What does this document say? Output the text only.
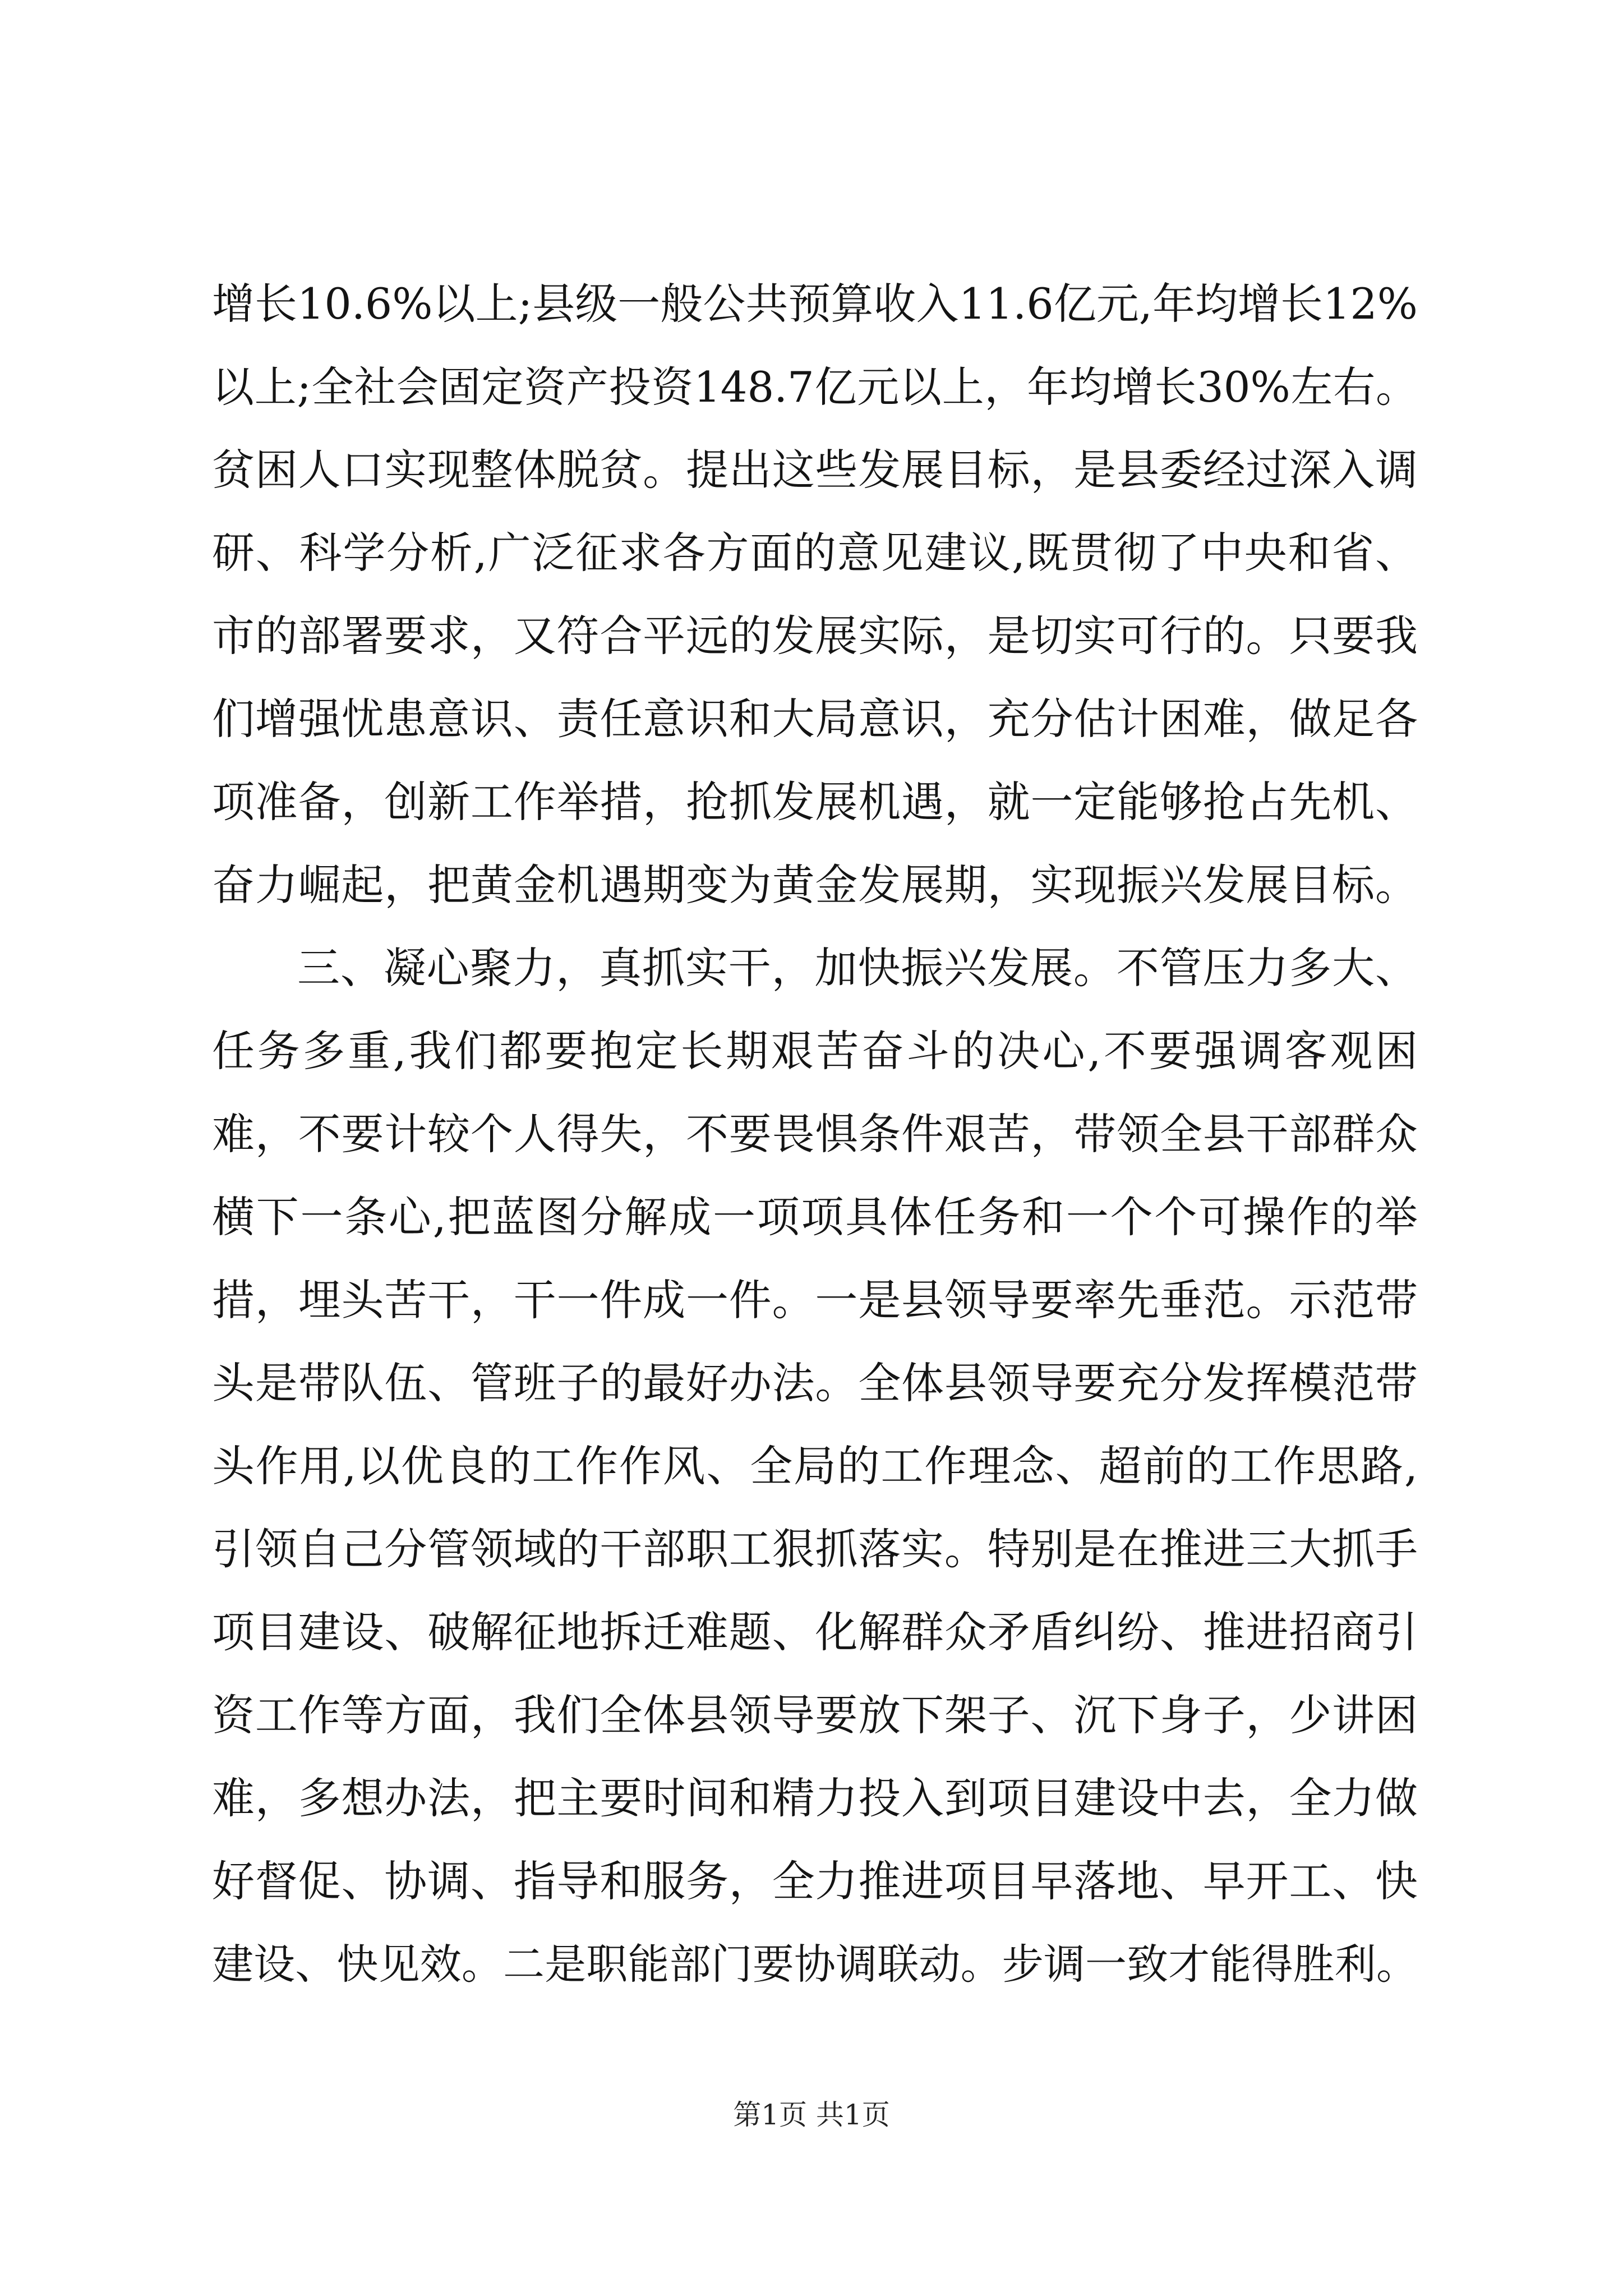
增长10.6%以上;县级一般公共预算收入11.6亿元,年均增长12%
以上;全社会固定资产投资148.7亿元以上，年均增长30%左右。
贫困人口实现整体脱贫。提出这些发展目标，是县委经过深入调
研、科学分析,广泛征求各方面的意见建议,既贯彻了中央和省、
市的部署要求，又符合平远的发展实际，是切实可行的。只要我
们增强忧患意识、责任意识和大局意识，充分估计困难，做足各
项准备，创新工作举措，抢抓发展机遇，就一定能够抢占先机、
奋力崛起，把黄金机遇期变为黄金发展期，实现振兴发展目标。
三、凝心聚力，真抓实干，加快振兴发展。不管压力多大、
任务多重,我们都要抱定长期艰苦奋斗的决心,不要强调客观困
难，不要计较个人得失，不要畏惧条件艰苦，带领全县干部群众
横下一条心,把蓝图分解成一项项具体任务和一个个可操作的举
措，埋头苦干，干一件成一件。一是县领导要率先垂范。示范带
头是带队伍、管班子的最好办法。全体县领导要充分发挥模范带
头作用,以优良的工作作风、全局的工作理念、超前的工作思路,
引领自己分管领域的干部职工狠抓落实。特别是在推进三大抓手
项目建设、破解征地拆迁难题、化解群众矛盾纠纷、推进招商引
资工作等方面，我们全体县领导要放下架子、沉下身子，少讲困
难，多想办法，把主要时间和精力投入到项目建设中去，全力做
好督促、协调、指导和服务，全力推进项目早落地、早开工、快
建设、快见效。二是职能部门要协调联动。步调一致才能得胜利。
第1页 共1页
